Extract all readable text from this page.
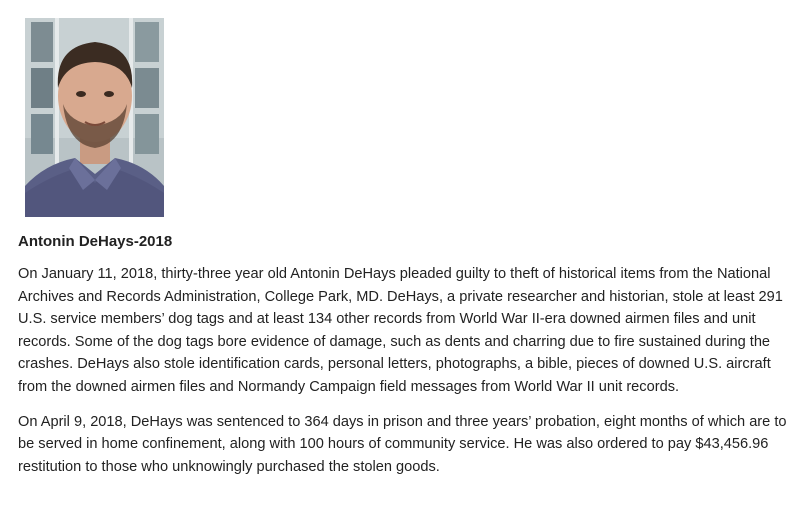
Antonin DeHays-2018

On January 11, 2018, thirty-three year old Antonin DeHays pleaded guilty to theft of historical items from the National Archives and Records Administration, College Park, MD. DeHays, a private researcher and historian, stole at least 291 U.S. service members’ dog tags and at least 134 other records from World War II-era downed airmen files and unit records. Some of the dog tags bore evidence of damage, such as dents and charring due to fire sustained during the crashes. DeHays also stole identification cards, personal letters, photographs, a bible, pieces of downed U.S. aircraft from the downed airmen files and Normandy Campaign field messages from World War II unit records.

On April 9, 2018, DeHays was sentenced to 364 days in prison and three years’ probation, eight months of which are to be served in home confinement, along with 100 hours of community service. He was also ordered to pay $43,456.96 restitution to those who unknowingly purchased the stolen goods.
